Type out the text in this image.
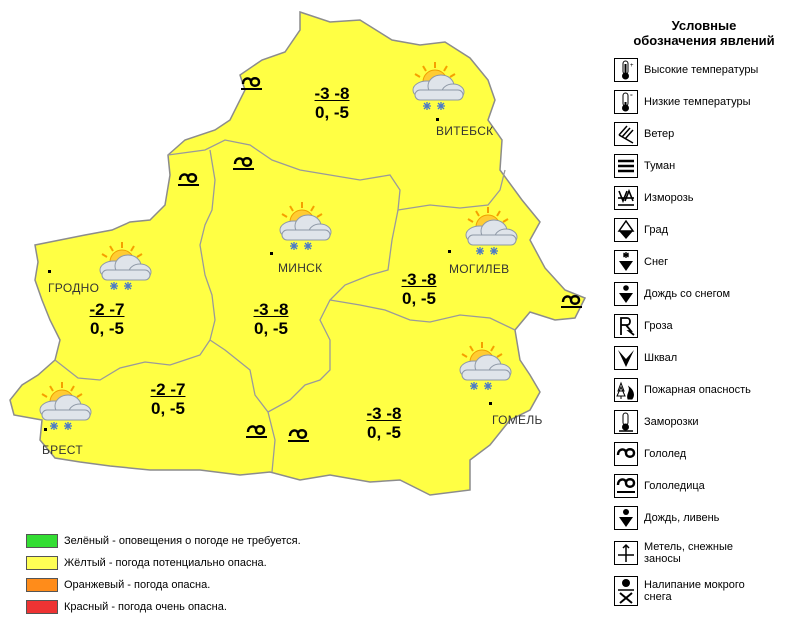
ВИТЕБСК
МИНСК
ГРОДНО
МОГИЛЕВ
ГОМЕЛЬ
БРЕСТ
-3 -8
0, -5
-2 -7
0, -5
-3 -8
0, -5
-3 -8
0, -5
-2 -7
0, -5	-3 -8
0, -5
Условные
обозначения явлений
+ Высокие температуры
° Низкие температуры
Ветер
Туман
Изморозь
Град
Снег
Дождь со снегом
Гроза
Шквал
Пожарная опасность
Заморозки
Гололед
Гололедица
Дождь, ливень
Метель, снежные
заносы
Налипание мокрого
снега
Зелёный - оповещения о погоде не требуется.
Жёлтый - погода потенциально опасна.
Оранжевый - погода опасна.
Красный - погода очень опасна.
